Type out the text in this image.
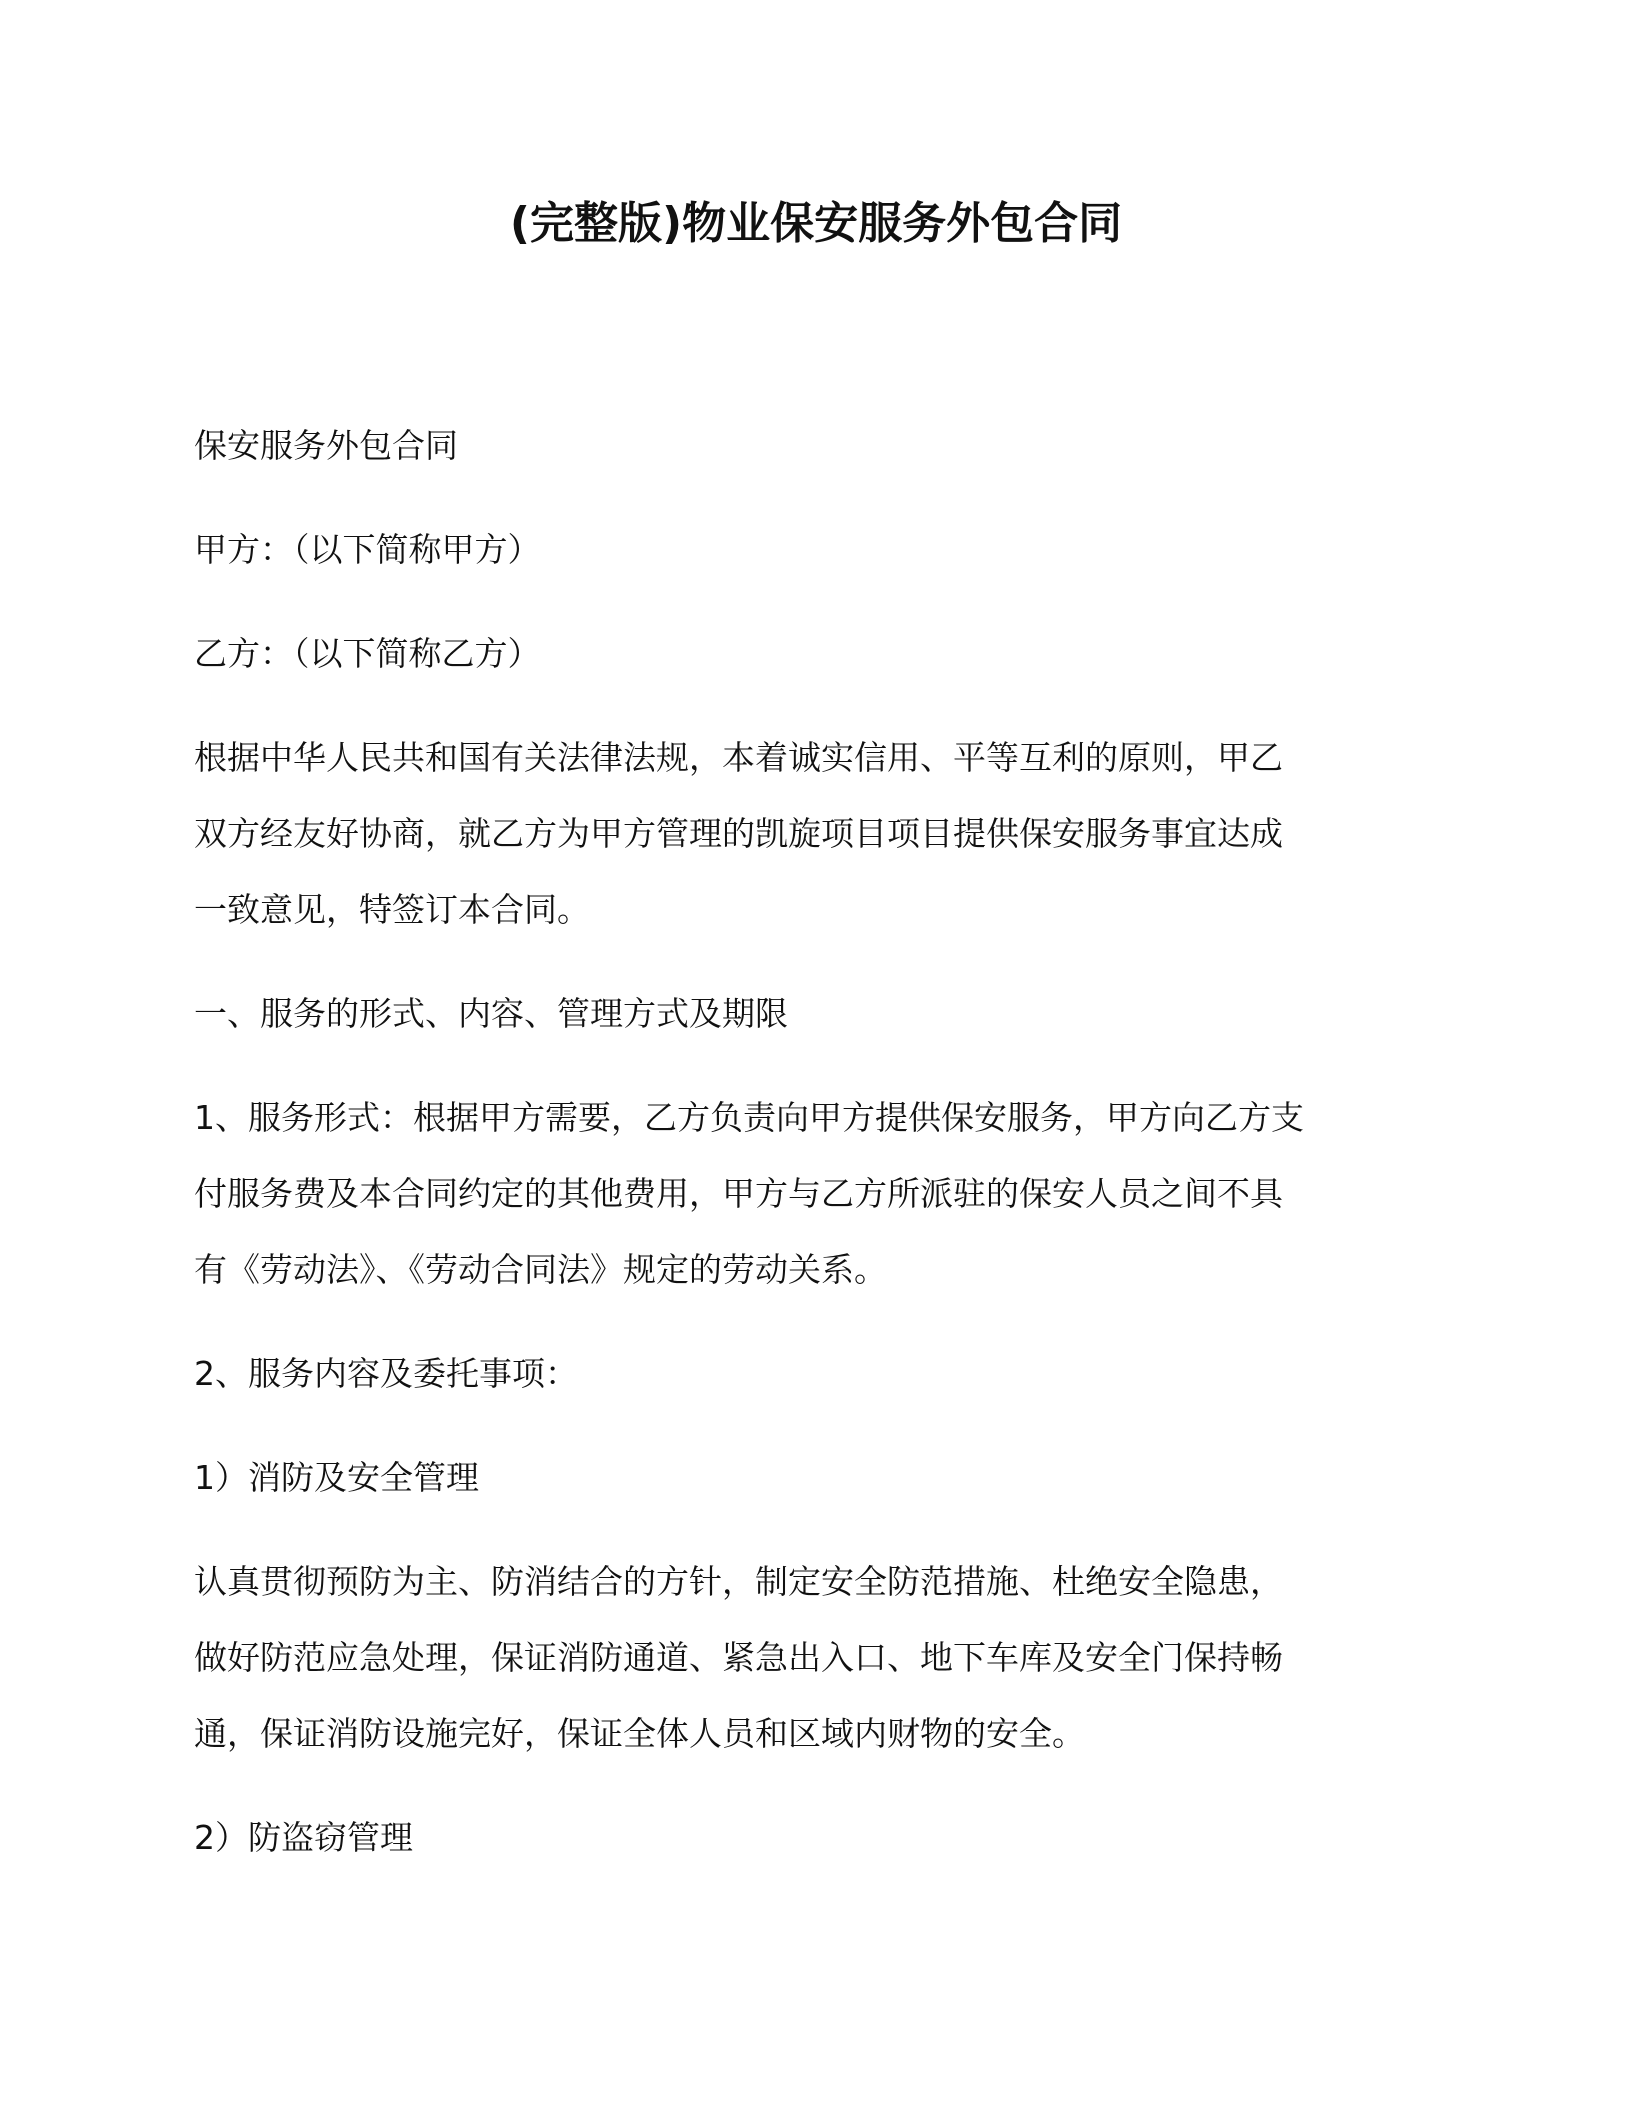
(完整版)物业保安服务外包合同

保安服务外包合同

甲方：（以下简称甲方）

乙方：（以下简称乙方）

根据中华人民共和国有关法律法规，本着诚实信用、平等互利的原则，甲乙

双方经友好协商，就乙方为甲方管理的凯旋项目项目提供保安服务事宜达成

一致意见，特签订本合同。

一、服务的形式、内容、管理方式及期限

1、服务形式：根据甲方需要，乙方负责向甲方提供保安服务，甲方向乙方支

付服务费及本合同约定的其他费用，甲方与乙方所派驻的保安人员之间不具

有《劳动法》、《劳动合同法》规定的劳动关系。

2、服务内容及委托事项：

1）消防及安全管理

认真贯彻预防为主、防消结合的方针，制定安全防范措施、杜绝安全隐患，

做好防范应急处理，保证消防通道、紧急出入口、地下车库及安全门保持畅

通，保证消防设施完好，保证全体人员和区域内财物的安全。

2）防盗窃管理
